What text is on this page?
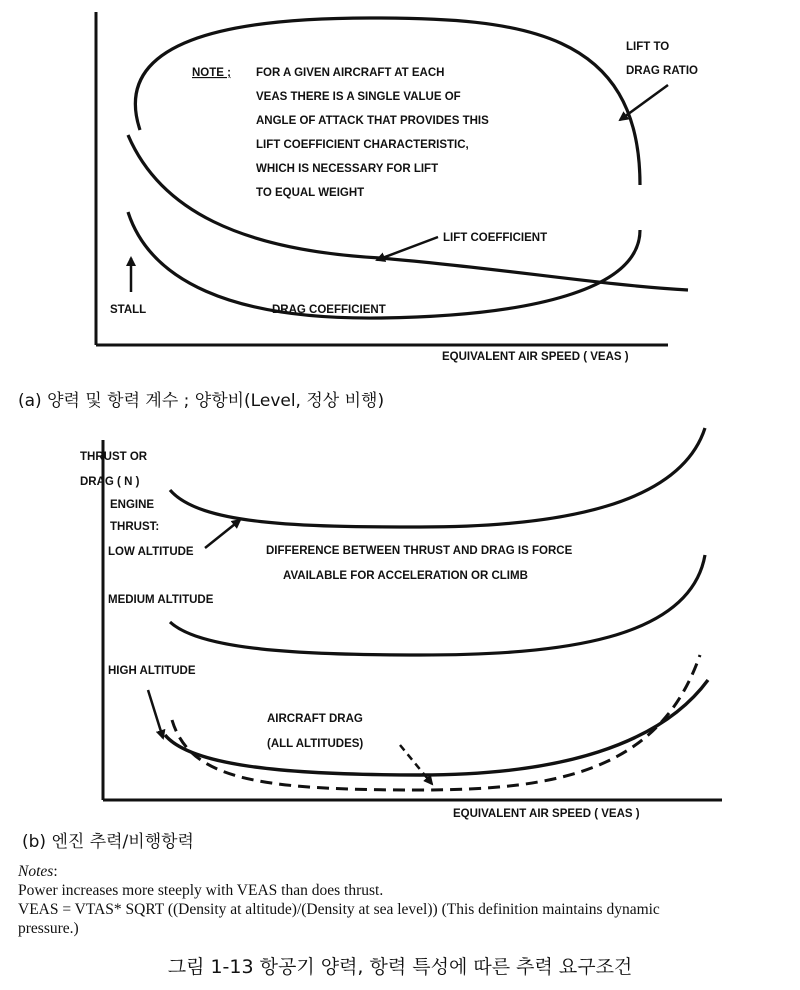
NOTE ; FOR A GIVEN AIRCRAFT AT EACH
VEAS THERE IS A SINGLE VALUE OF
ANGLE OF ATTACK THAT PROVIDES THIS
LIFT COEFFICIENT CHARACTERISTIC,
WHICH IS NECESSARY FOR LIFT
TO EQUAL WEIGHT
LIFT TO
DRAG RATIO
LIFT COEFFICIENT
DRAG COEFFICIENT
STALL
EQUIVALENT AIR SPEED ( VEAS )
THRUST OR
DRAG ( N )
ENGINE
THRUST:
LOW ALTITUDE	DIFFERENCE BETWEEN THRUST AND DRAG IS FORCE
AVAILABLE FOR ACCELERATION OR CLIMB
MEDIUM ALTITUDE
HIGH ALTITUDE
AIRCRAFT DRAG
(ALL ALTITUDES)
EQUIVALENT AIR SPEED ( VEAS )
(a) 양력 및 항력 계수 ; 양항비(Level, 정상 비행)
(b) 엔진 추력/비행항력
Notes:
Power increases more steeply with VEAS than does thrust.
VEAS = VTAS* SQRT ((Density at altitude)/(Density at sea level)) (This definition maintains dynamic
pressure.)
그림 1-13 항공기 양력, 항력 특성에 따른 추력 요구조건
